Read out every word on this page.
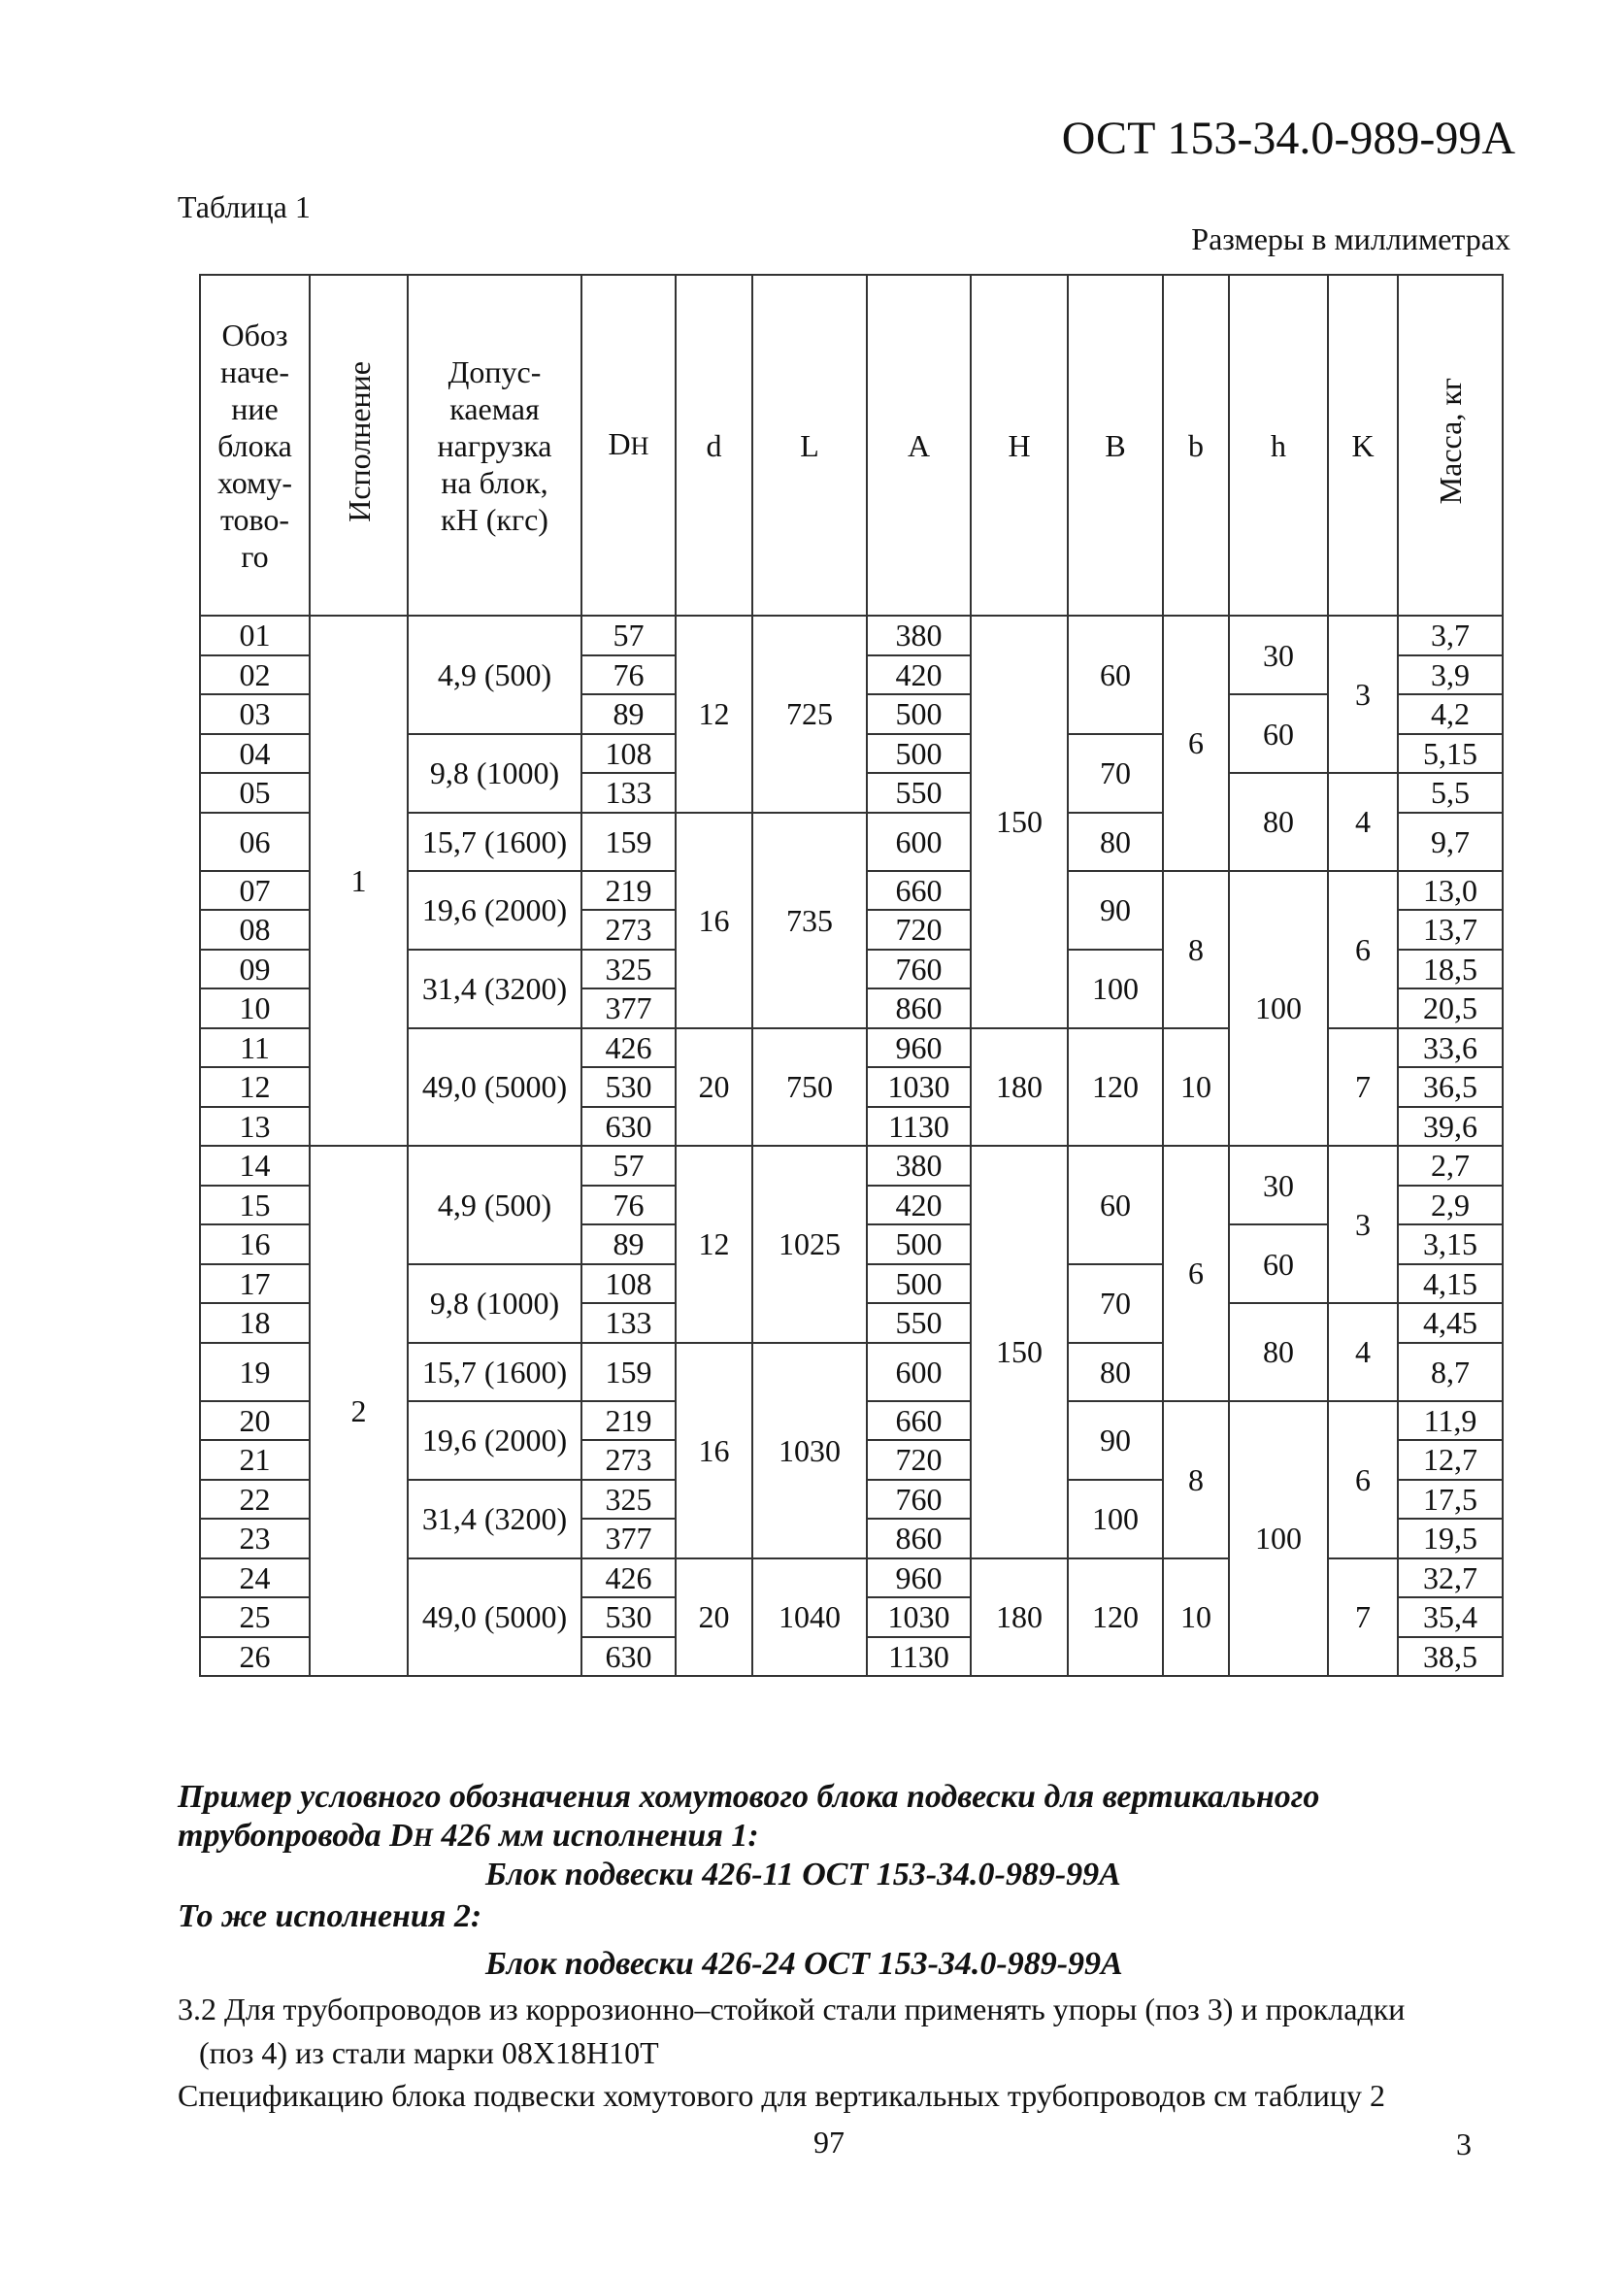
ОСТ 153-34.0-989-99А
Таблица 1
Размеры в миллиметрах
Обоз наче- ние блока хому- тово- го	Исполнение	Допус- каемая нагрузка на блок, кН (кгс)	DН	d	L	A	H	B	b	h	K	Масса, кг
01	1	4,9 (500)	57	12	725	380	150	60	6	30	3	3,7
02			76			420						3,9
03			89			500				60		4,2
04		9,8 (1000)	108			500		70				5,15
05			133			550				80	4	5,5
06		15,7 (1600)	159	16	735	600		80				9,7
07		19,6 (2000)	219			660		90	8	100	6	13,0
08			273			720						13,7
09		31,4 (3200)	325			760		100				18,5
10			377			860						20,5
11		49,0 (5000)	426	20	750	960	180	120	10		7	33,6
12			530			1030						36,5
13			630			1130						39,6
14	2	4,9 (500)	57	12	1025	380	150	60	6	30	3	2,7
15			76			420						2,9
16			89			500				60		3,15
17		9,8 (1000)	108			500		70				4,15
18			133			550				80	4	4,45
19		15,7 (1600)	159	16	1030	600		80				8,7
20		19,6 (2000)	219			660		90	8	100	6	11,9
21			273			720						12,7
22		31,4 (3200)	325			760		100				17,5
23			377			860						19,5
24		49,0 (5000)	426	20	1040	960	180	120	10		7	32,7
25			530			1030						35,4
26			630			1130						38,5
Пример условного обозначения хомутового блока подвески для вертикального
трубопровода DН 426 мм исполнения 1:
Блок подвески 426-11 ОСТ 153-34.0-989-99А
То же исполнения 2:
Блок подвески 426-24 ОСТ 153-34.0-989-99А
3.2 Для трубопроводов из коррозионно–стойкой стали применять упоры (поз 3) и прокладки
(поз 4) из стали марки 08Х18Н10Т
Спецификацию блока подвески хомутового для вертикальных трубопроводов см таблицу 2
97	3
